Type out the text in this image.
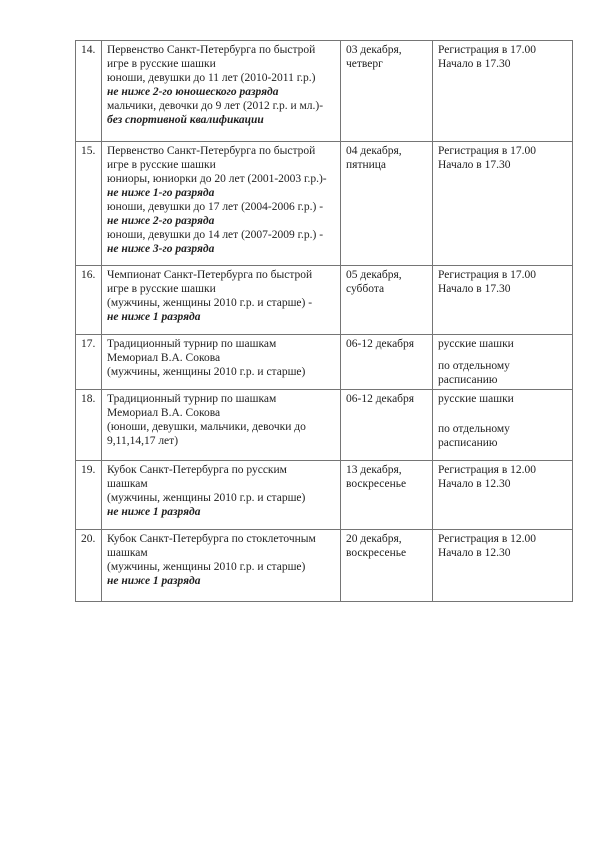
14.	Первенство Санкт-Петербурга по быстрой
игре в русские шашки
юноши, девушки до 11 лет (2010-2011 г.р.)
не ниже 2-го юношеского разряда
мальчики, девочки до 9 лет (2012 г.р. и мл.)-
без спортивной квалификации

03 декабря,
четверг

Регистрация в 17.00
Начало в 17.30

15.	Первенство Санкт-Петербурга по быстрой
игре в русские шашки
юниоры, юниорки до 20 лет (2001-2003 г.р.)-
не ниже 1-го разряда
юноши, девушки до 17 лет (2004-2006 г.р.) -
не ниже 2-го разряда
юноши, девушки до 14 лет (2007-2009 г.р.) -
не ниже 3-го разряда

04 декабря,
пятница

Регистрация в 17.00
Начало в 17.30

16.	Чемпионат Санкт-Петербурга по быстрой
игре в русские шашки
(мужчины, женщины 2010 г.р. и старше) -
не ниже 1 разряда

05 декабря,
суббота

Регистрация в 17.00
Начало в 17.30

17.	Традиционный турнир по шашкам
Мемориал В.А. Сокова
(мужчины, женщины 2010 г.р. и старше)

06-12 декабря	русские шашки
по отдельному
расписанию

18.	Традиционный турнир по шашкам
Мемориал В.А. Сокова
(юноши, девушки, мальчики, девочки до
9,11,14,17 лет)

06-12 декабря	русские шашки
по отдельному
расписанию

19.	Кубок Санкт-Петербурга по русским
шашкам
(мужчины, женщины 2010 г.р. и старше)
не ниже 1 разряда

13 декабря,
воскресенье

Регистрация в 12.00
Начало в 12.30

20.	Кубок Санкт-Петербурга по стоклеточным
шашкам
(мужчины, женщины 2010 г.р. и старше)
не ниже 1 разряда

20 декабря,
воскресенье

Регистрация в 12.00
Начало в 12.30
